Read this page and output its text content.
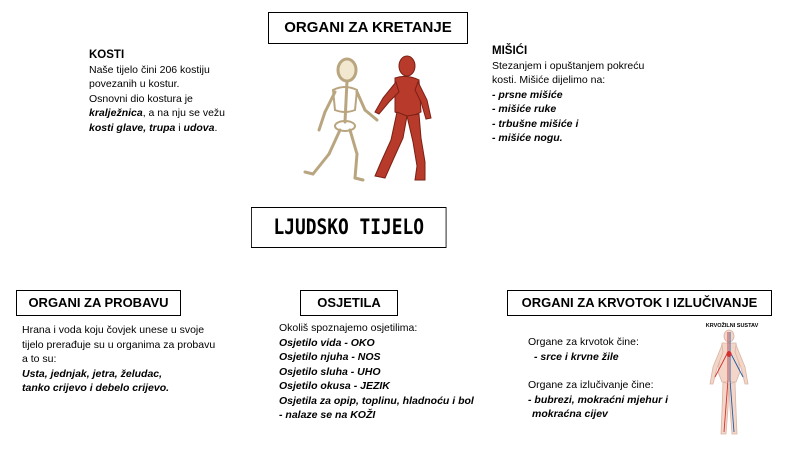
ORGANI ZA KRETANJE
LJUDSKO TIJELO
ORGANI ZA PROBAVU	OSJETILA	ORGANI ZA KRVOTOK I IZLUČIVANJE
KOSTI
Naše tijelo čini 206 kostiju
povezanih u kostur.
Osnovni dio kostura je
kralježnica, a na nju se vežu
kosti glave, trupa i udova.
MIŠIĆI
Stezanjem i opuštanjem pokreću
kosti. Mišiće dijelimo na:
- prsne mišiće
- mišiće ruke
- trbušne mišiće i
- mišiće nogu.
Hrana i voda koju čovjek unese u svoje
tijelo prerađuje su u organima za probavu
a to su:
Usta, jednjak, jetra, želudac,
tanko crijevo i debelo crijevo.
Okoliš spoznajemo osjetilima:
Osjetilo vida - OKO
Osjetilo njuha - NOS
Osjetilo sluha - UHO
Osjetilo okusa - JEZIK
Osjetila za opip, toplinu, hladnoću i bol
- nalaze se na KOŽI
Organe za krvotok čine:
- srce i krvne žile
Organe za izlučivanje čine:
- bubrezi, mokraćni mjehur i
mokraćna cijev
KRVOŽILNI SUSTAV
